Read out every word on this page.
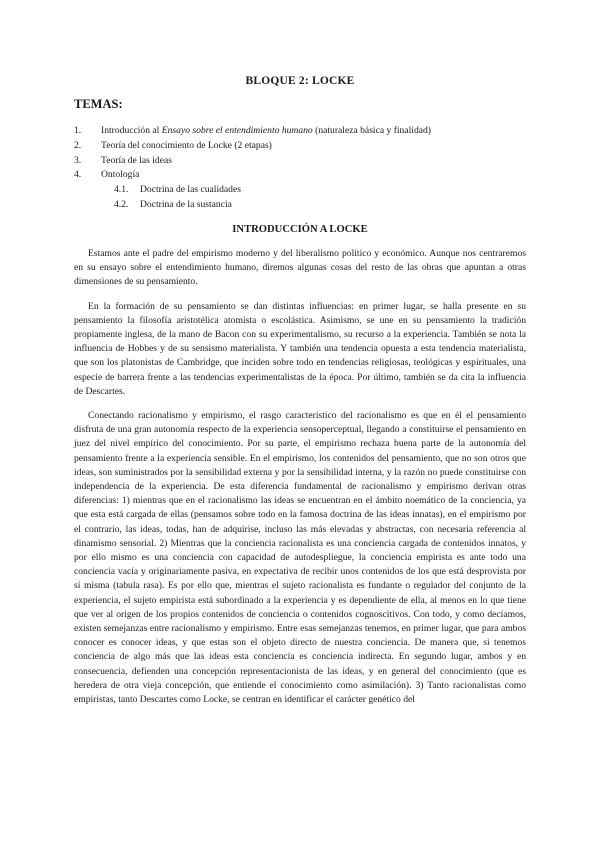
BLOQUE 2: LOCKE
TEMAS:
1. Introducción al Ensayo sobre el entendimiento humano (naturaleza básica y finalidad)
2. Teoría del conocimiento de Locke (2 etapas)
3. Teoría de las ideas
4. Ontología
4.1. Doctrina de las cualidades
4.2. Doctrina de la sustancia
INTRODUCCIÓN A LOCKE

Estamos ante el padre del empirismo moderno y del liberalismo político y económico. Aunque nos centraremos en su ensayo sobre el entendimiento humano, diremos algunas cosas del resto de las obras que apuntan a otras dimensiones de su pensamiento.

En la formación de su pensamiento se dan distintas influencias: en primer lugar, se halla presente en su pensamiento la filosofía aristotélica atomista o escolástica. Asimismo, se une en su pensamiento la tradición propiamente inglesa, de la mano de Bacon con su experimentalismo, su recurso a la experiencia. También se nota la influencia de Hobbes y de su sensismo materialista. Y también una tendencia opuesta a esta tendencia materialista, que son los platonistas de Cambridge, que inciden sobre todo en tendencias religiosas, teológicas y espirituales, una especie de barrera frente a las tendencias experimentalistas de la época. Por último, también se da cita la influencia de Descartes.

Conectando racionalismo y empirismo, el rasgo característico del racionalismo es que en él el pensamiento disfruta de una gran autonomía respecto de la experiencia sensoperceptual, llegando a constituirse el pensamiento en juez del nivel empírico del conocimiento. Por su parte, el empirismo rechaza buena parte de la autonomía del pensamiento frente a la experiencia sensible. En el empirismo, los contenidos del pensamiento, que no son otros que ideas, son suministrados por la sensibilidad externa y por la sensibilidad interna, y la razón no puede constituirse con independencia de la experiencia. De esta diferencia fundamental de racionalismo y empirismo derivan otras diferencias: 1) mientras que en el racionalismo las ideas se encuentran en el ámbito noemático de la conciencia, ya que esta está cargada de ellas (pensamos sobre todo en la famosa doctrina de las ideas innatas), en el empirismo por el contrario, las ideas, todas, han de adquirise, incluso las más elevadas y abstractas, con necesaria referencia al dinamismo sensorial. 2) Mientras que la conciencia racionalista es una conciencia cargada de contenidos innatos, y por ello mismo es una conciencia con capacidad de autodespliegue, la conciencia empirista es ante todo una conciencia vacía y originariamente pasiva, en expectativa de recibir unos contenidos de los que está desprovista por sí misma (tabula rasa). Es por ello que, mientras el sujeto racionalista es fundante o regulador del conjunto de la experiencia, el sujeto empirista está subordinado a la experiencia y es dependiente de ella, al menos en lo que tiene que ver al origen de los propios contenidos de conciencia o contenidos cognoscitivos. Con todo, y como decíamos, existen semejanzas entre racionalismo y empirismo. Entre esas semejanzas tenemos, en primer lugar, que para ambos conocer es conocer ideas, y que estas son el objeto directo de nuestra conciencia. De manera que, si tenemos conciencia de algo más que las ideas esta conciencia es conciencia indirecta. En segundo lugar, ambos y en consecuencia, defienden una concepción representacionista de las ideas, y en general del conocimiento (que es heredera de otra vieja concepción, que entiende el conocimiento como asimilación). 3) Tanto racionalistas como empiristas, tanto Descartes como Locke, se centran en identificar el carácter genético del
